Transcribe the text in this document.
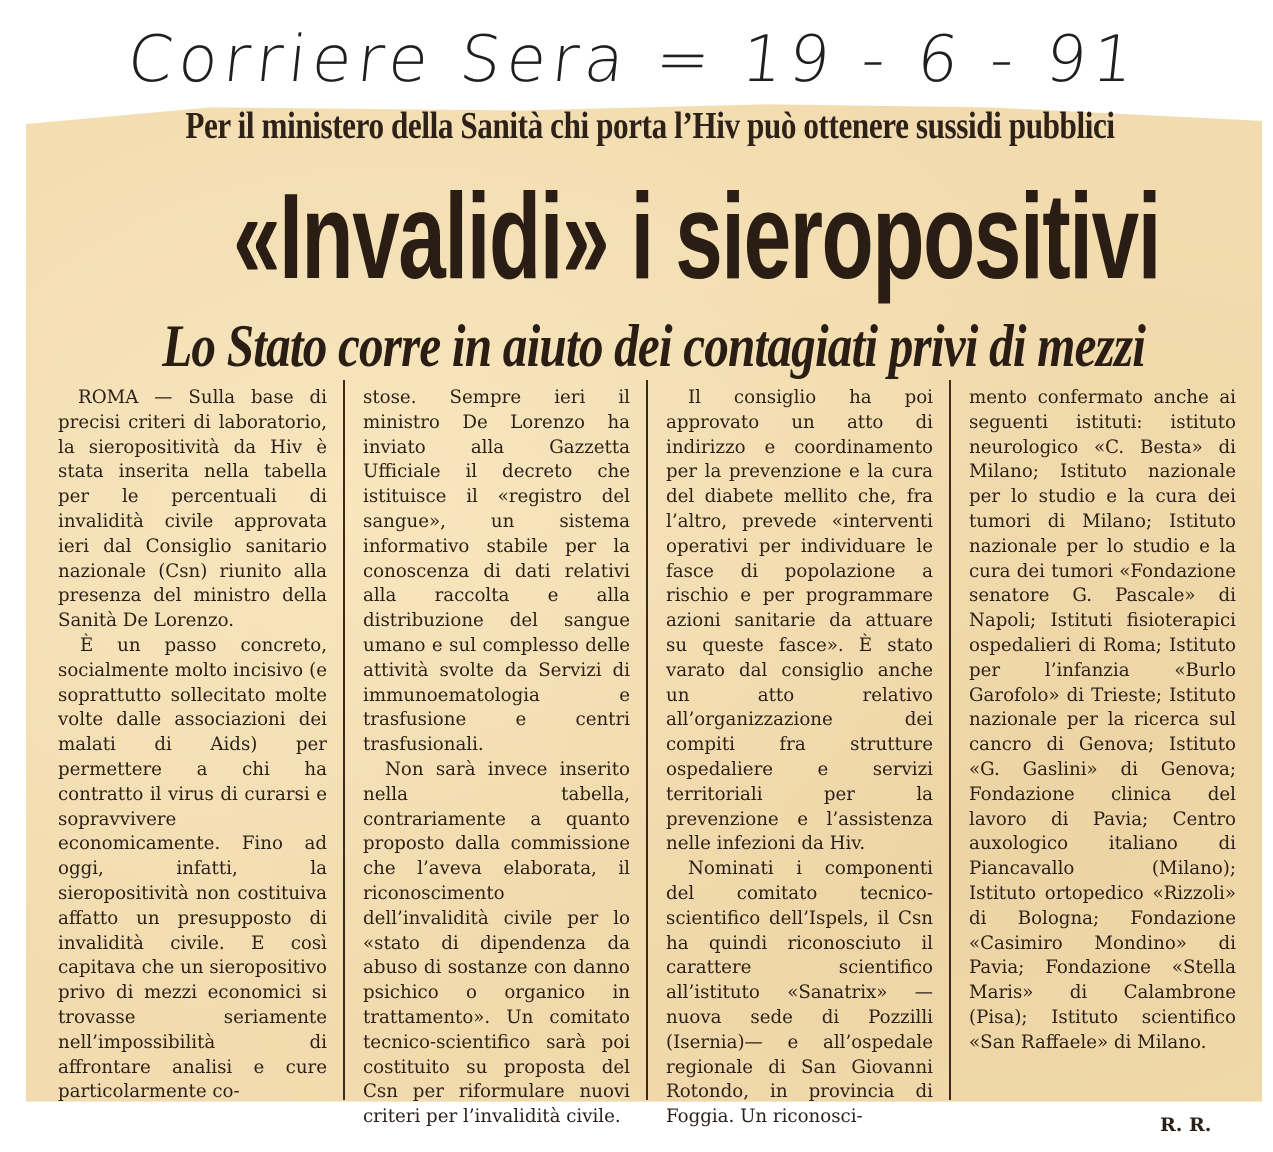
Corriere Sera = 19 - 6 - 91
Per il ministero della Sanità chi porta l’Hiv può ottenere sussidi pubblici
«Invalidi» i sieropositivi
Lo Stato corre in aiuto dei contagiati privi di mezzi

ROMA — Sulla base di precisi criteri di laboratorio, la sieropositività da Hiv è stata inserita nella tabella per le percentuali di invalidità civile approvata ieri dal Consiglio sanitario nazionale (Csn) riunito alla presenza del ministro della Sanità De Lorenzo.

È un passo concreto, socialmente molto incisivo (e soprattutto sollecitato molte volte dalle associazioni dei malati di Aids) per permettere a chi ha contratto il virus di curarsi e sopravvivere economicamente. Fino ad oggi, infatti, la sieropositività non costituiva affatto un presupposto di invalidità civile. E così capitava che un sieropositivo privo di mezzi economici si trovasse seriamente nell’impossibilità di affrontare analisi e cure particolarmente co-

stose. Sempre ieri il ministro De Lorenzo ha inviato alla Gazzetta Ufficiale il decreto che istituisce il «registro del sangue», un sistema informativo stabile per la conoscenza di dati relativi alla raccolta e alla distribuzione del sangue umano e sul complesso delle attività svolte da Servizi di immunoematologia e trasfusione e centri trasfusionali.

Non sarà invece inserito nella tabella, contrariamente a quanto proposto dalla commissione che l’aveva elaborata, il riconoscimento dell’invalidità civile per lo «stato di dipendenza da abuso di sostanze con danno psichico o organico in trattamento». Un comitato tecnico-scientifico sarà poi costituito su proposta del Csn per riformulare nuovi criteri per l’invalidità civile.

Il consiglio ha poi approvato un atto di indirizzo e coordinamento per la prevenzione e la cura del diabete mellito che, fra l’altro, prevede «interventi operativi per individuare le fasce di popolazione a rischio e per programmare azioni sanitarie da attuare su queste fasce». È stato varato dal consiglio anche un atto relativo all’organizzazione dei compiti fra strutture ospedaliere e servizi territoriali per la prevenzione e l’assistenza nelle infezioni da Hiv.

Nominati i componenti del comitato tecnico-scientifico dell’Ispels, il Csn ha quindi riconosciuto il carattere scientifico all’istituto «Sanatrix» — nuova sede di Pozzilli (Isernia)— e all’ospedale regionale di San Giovanni Rotondo, in provincia di Foggia. Un riconosci-

mento confermato anche ai seguenti istituti: istituto neurologico «C. Besta» di Milano; Istituto nazionale per lo studio e la cura dei tumori di Milano; Istituto nazionale per lo studio e la cura dei tumori «Fondazione senatore G. Pascale» di Napoli; Istituti fisioterapici ospedalieri di Roma; Istituto per l’infanzia «Burlo Garofolo» di Trieste; Istituto nazionale per la ricerca sul cancro di Genova; Istituto «G. Gaslini» di Genova; Fondazione clinica del lavoro di Pavia; Centro auxologico italiano di Piancavallo (Milano); Istituto ortopedico «Rizzoli» di Bologna; Fondazione «Casimiro Mondino» di Pavia; Fondazione «Stella Maris» di Calambrone (Pisa); Istituto scientifico «San Raffaele» di Milano.

R. R.
